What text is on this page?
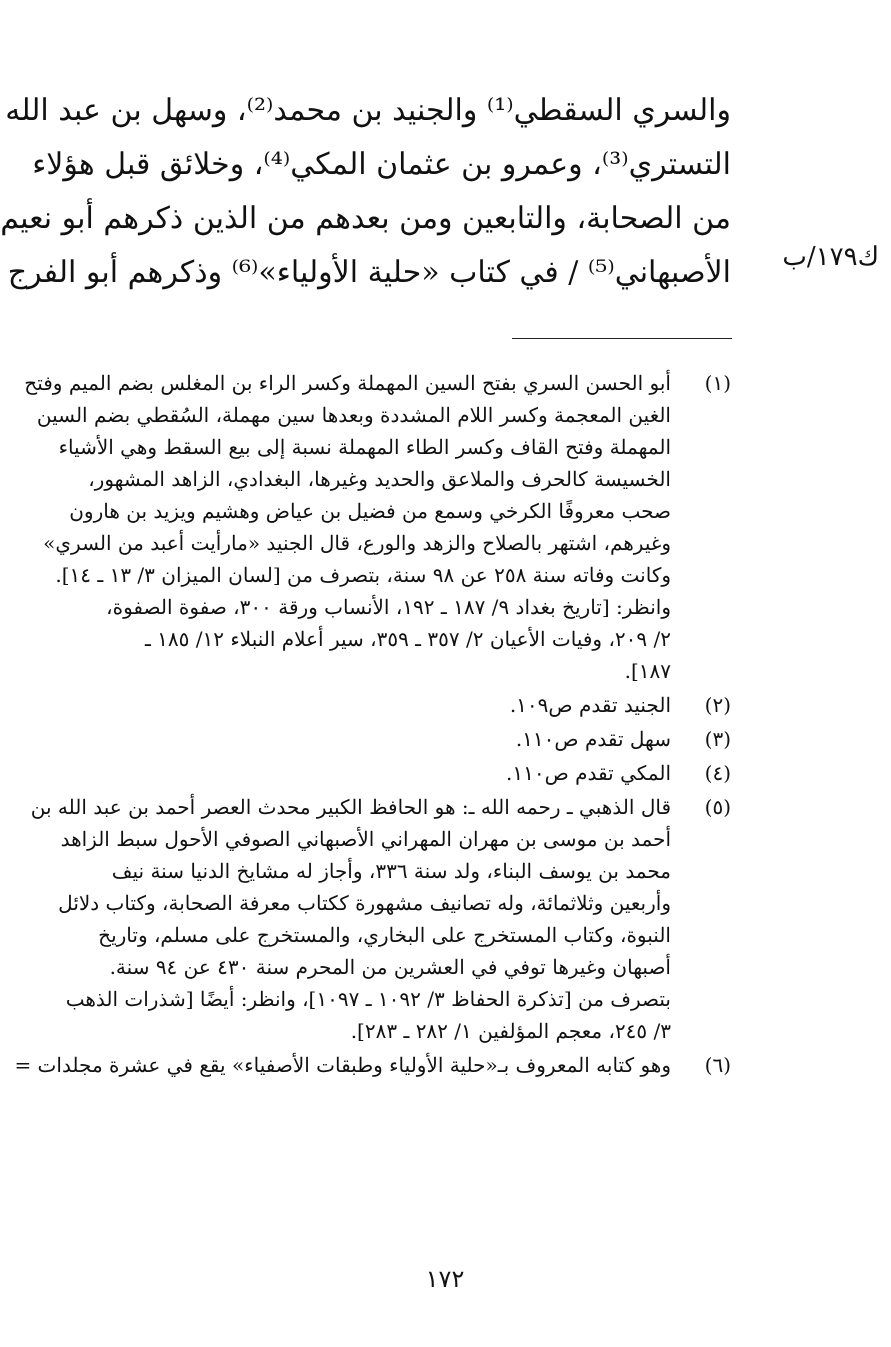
والسري السقطي⁽¹⁾ والجنيد بن محمد⁽²⁾، وسهل بن عبد الله
التستري⁽³⁾، وعمرو بن عثمان المكي⁽⁴⁾، وخلائق قبل هؤلاء
من الصحابة، والتابعين ومن بعدهم من الذين ذكرهم أبو نعيم
الأصبهاني⁽⁵⁾ / في كتاب «حلية الأولياء»⁽⁶⁾ وذكرهم أبو الفرج	ك١٧٩/ب
(١)
أبو الحسن السري بفتح السين المهملة وكسر الراء بن المغلس بضم الميم وفتح
الغين المعجمة وكسر اللام المشددة وبعدها سين مهملة، السُقطي بضم السين
المهملة وفتح القاف وكسر الطاء المهملة نسبة إلى بيع السقط وهي الأشياء
الخسيسة كالحرف والملاعق والحديد وغيرها، البغدادي، الزاهد المشهور،
صحب معروفًا الكرخي وسمع من فضيل بن عياض وهشيم ويزيد بن هارون
وغيرهم، اشتهر بالصلاح والزهد والورع، قال الجنيد «مارأيت أعبد من السري»
وكانت وفاته سنة ٢٥٨ عن ٩٨ سنة، بتصرف من [لسان الميزان ٣/ ١٣ ـ ١٤].
وانظر: [تاريخ بغداد ٩/ ١٨٧ ـ ١٩٢، الأنساب ورقة ٣٠٠، صفوة الصفوة،
٢/ ٢٠٩، وفيات الأعيان ٢/ ٣٥٧ ـ ٣٥٩، سير أعلام النبلاء ١٢/ ١٨٥ ـ
١٨٧].
(٢)
الجنيد تقدم ص١٠٩.
(٣)
سهل تقدم ص١١٠.
(٤)
المكي تقدم ص١١٠.
(٥)
قال الذهبي ـ رحمه الله ـ: هو الحافظ الكبير محدث العصر أحمد بن عبد الله بن
أحمد بن موسى بن مهران المهراني الأصبهاني الصوفي الأحول سبط الزاهد
محمد بن يوسف البناء، ولد سنة ٣٣٦، وأجاز له مشايخ الدنيا سنة نيف
وأربعين وثلاثمائة، وله تصانيف مشهورة ككتاب معرفة الصحابة، وكتاب دلائل
النبوة، وكتاب المستخرج على البخاري، والمستخرج على مسلم، وتاريخ
أصبهان وغيرها توفي في العشرين من المحرم سنة ٤٣٠ عن ٩٤ سنة.
بتصرف من [تذكرة الحفاظ ٣/ ١٠٩٢ ـ ١٠٩٧]، وانظر: أيضًا [شذرات الذهب
٣/ ٢٤٥، معجم المؤلفين ١/ ٢٨٢ ـ ٢٨٣].
(٦)
وهو كتابه المعروف بـ«حلية الأولياء وطبقات الأصفياء» يقع في عشرة مجلدات =
١٧٢
